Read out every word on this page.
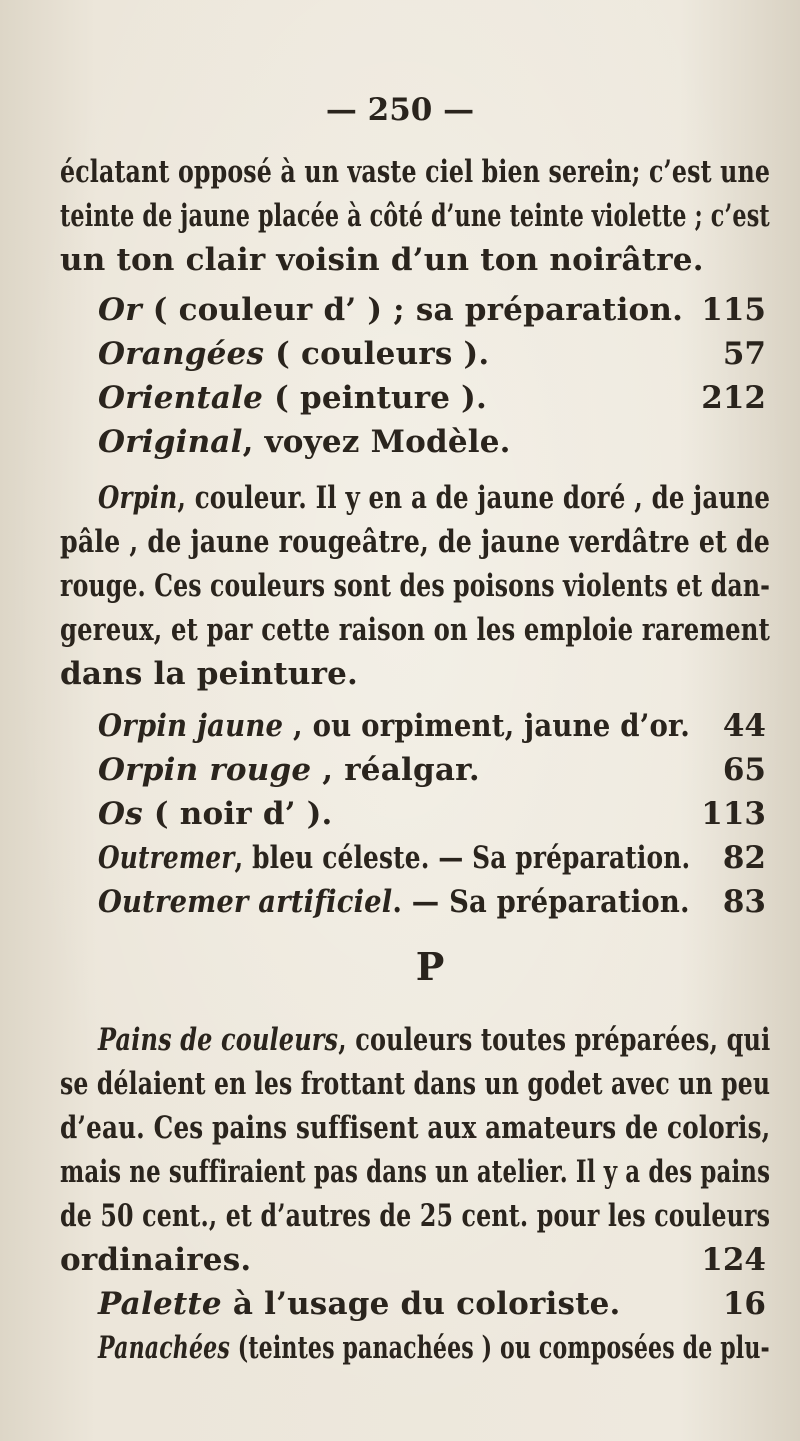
— 250 —
éclatant opposé à un vaste ciel bien serein; c’est une
teinte de jaune placée à côté d’une teinte violette ; c’est
un ton clair voisin d’un ton noirâtre.
Or ( couleur d’ ) ; sa préparation. 115
Orangées ( couleurs ).	57
Orientale ( peinture ).	212
Original, voyez Modèle.
Orpin, couleur. Il y en a de jaune doré , de jaune
pâle , de jaune rougeâtre, de jaune verdâtre et de
rouge. Ces couleurs sont des poisons violents et dan-
gereux, et par cette raison on les emploie rarement
dans la peinture.
Orpin jaune , ou orpiment, jaune d’or.	44
Orpin rouge , réalgar.	65
Os ( noir d’ ).	113
Outremer, bleu céleste. — Sa préparation.	82
Outremer artificiel. — Sa préparation.	83
P
Pains de couleurs, couleurs toutes préparées, qui
se délaient en les frottant dans un godet avec un peu
d’eau. Ces pains suffisent aux amateurs de coloris,
mais ne suffiraient pas dans un atelier. Il y a des pains
de 50 cent., et d’autres de 25 cent. pour les couleurs
ordinaires.	124
Palette à l’usage du coloriste.	16
Panachées (teintes panachées ) ou composées de plu-
